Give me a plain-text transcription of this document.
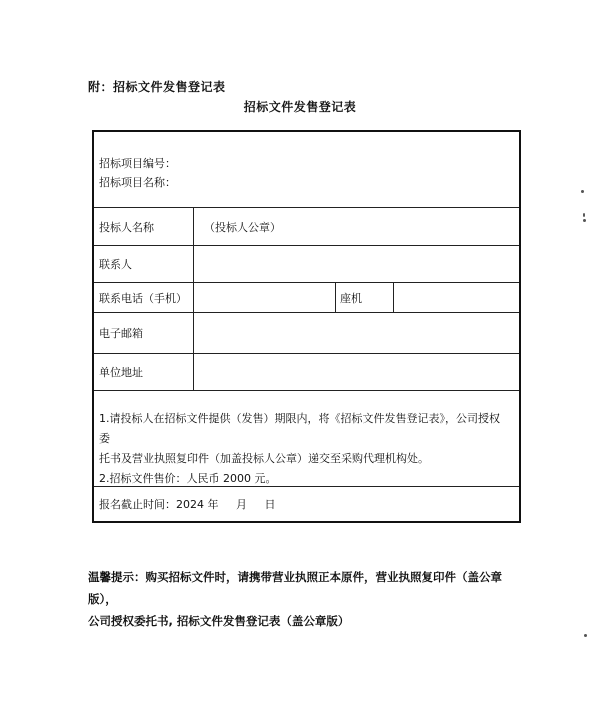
附：招标文件发售登记表
招标文件发售登记表
招标项目编号：
招标项目名称：
投标人名称	（投标人公章）
联系人
联系电话（手机）	座机
电子邮箱
单位地址
1.请投标人在招标文件提供（发售）期限内，将《招标文件发售登记表》，公司授权委
托书及营业执照复印件（加盖投标人公章）递交至采购代理机构处。
2.招标文件售价：人民币 2000 元。
报名截止时间：2024 年     月     日
温馨提示：购买招标文件时，请携带营业执照正本原件，营业执照复印件（盖公章版），
公司授权委托书, 招标文件发售登记表（盖公章版）
